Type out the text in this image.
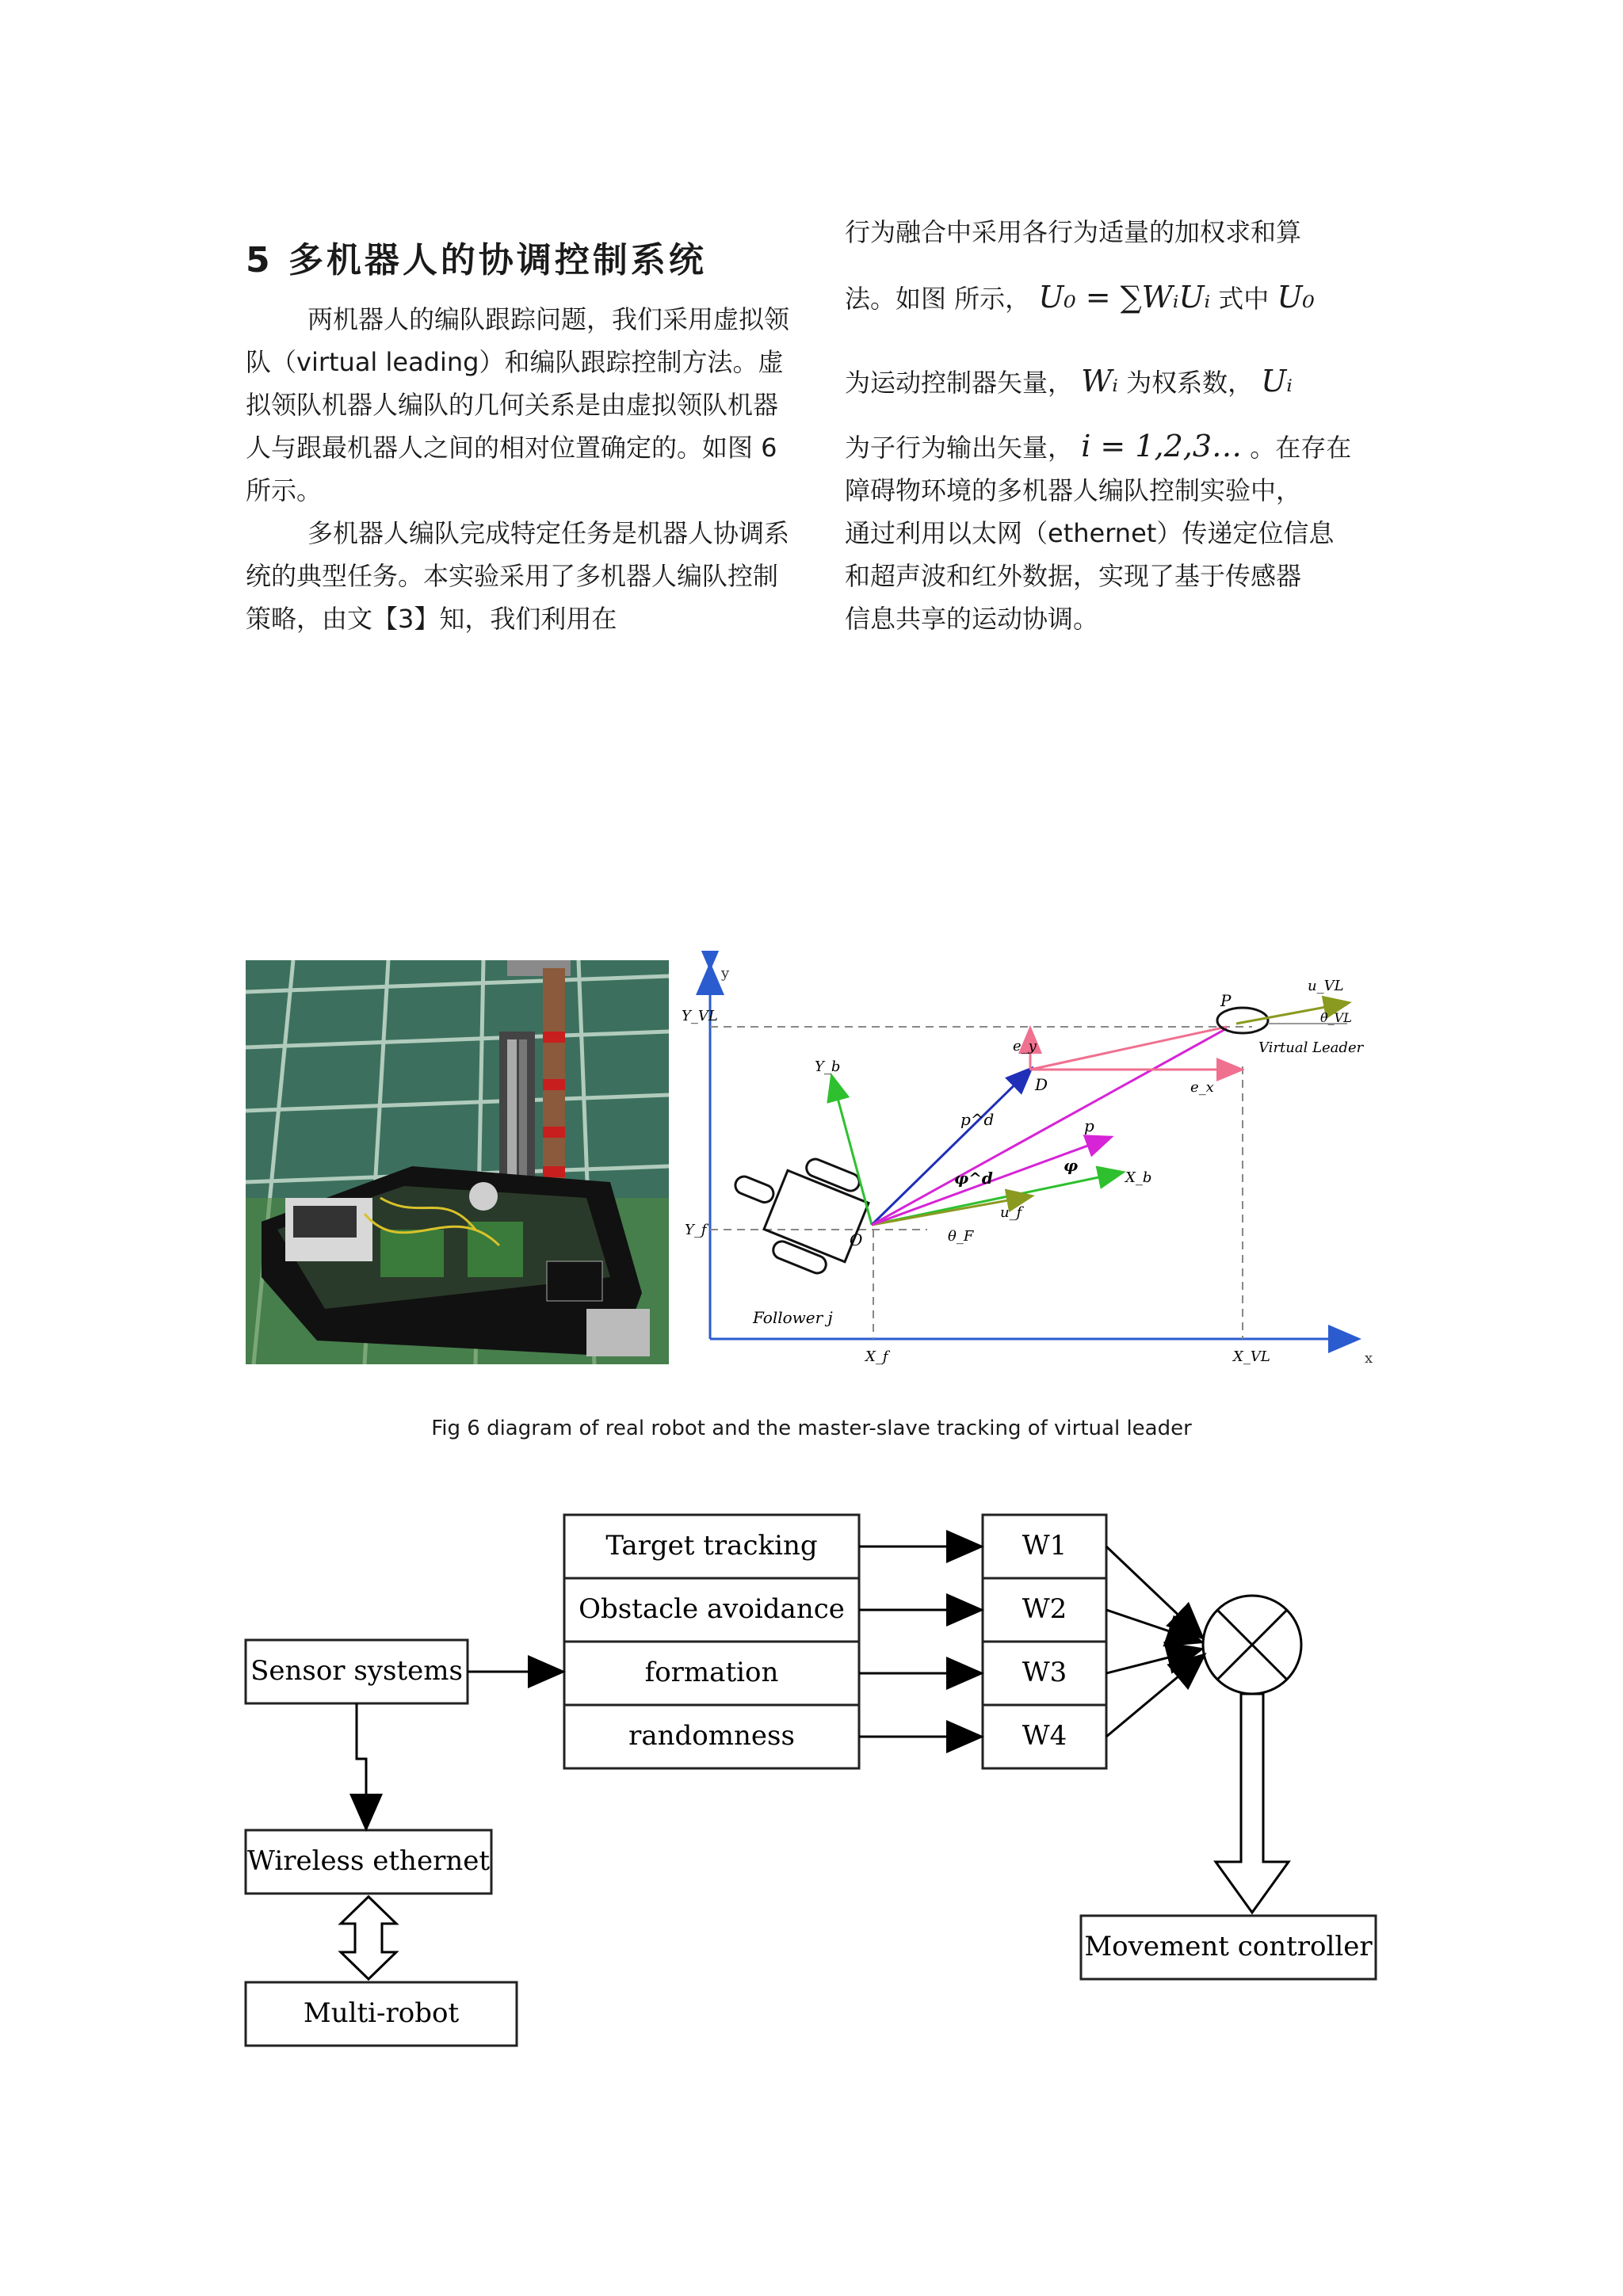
5 多机器人的协调控制系统

两机器人的编队跟踪问题，我们采用虚拟领队（virtual leading）和编队跟踪控制方法。虚拟领队机器人编队的几何关系是由虚拟领队机器人与跟最机器人之间的相对位置确定的。如图 6 所示。

多机器人编队完成特定任务是机器人协调系统的典型任务。本实验采用了多机器人编队控制策略，由文【3】知，我们利用在

行为融合中采用各行为适量的加权求和算
法。如图 所示， U₀ = ∑WᵢUᵢ 式中 U₀
为运动控制器矢量， Wᵢ 为权系数， Uᵢ
为子行为输出矢量， i = 1,2,3… 。在存在
障碍物环境的多机器人编队控制实验中，
通过利用以太网（ethernet）传递定位信息
和超声波和红外数据，实现了基于传感器
信息共享的运动协调。
y
x
Y_VL
Y_f
X_f	X_VL
Follower j
O
Y_b
X_b
u_f
θ_F
p^d
D
p
φ^d
φ
e_y
e_x
P
u_VL
θ_VL
Virtual Leader
Fig 6 diagram of real robot and the master-slave tracking of virtual leader
Sensor systems
Wireless ethernet
Multi-robot
Target tracking
Obstacle avoidance
formation
randomness
W1
W2
W3
W4
Movement controller
